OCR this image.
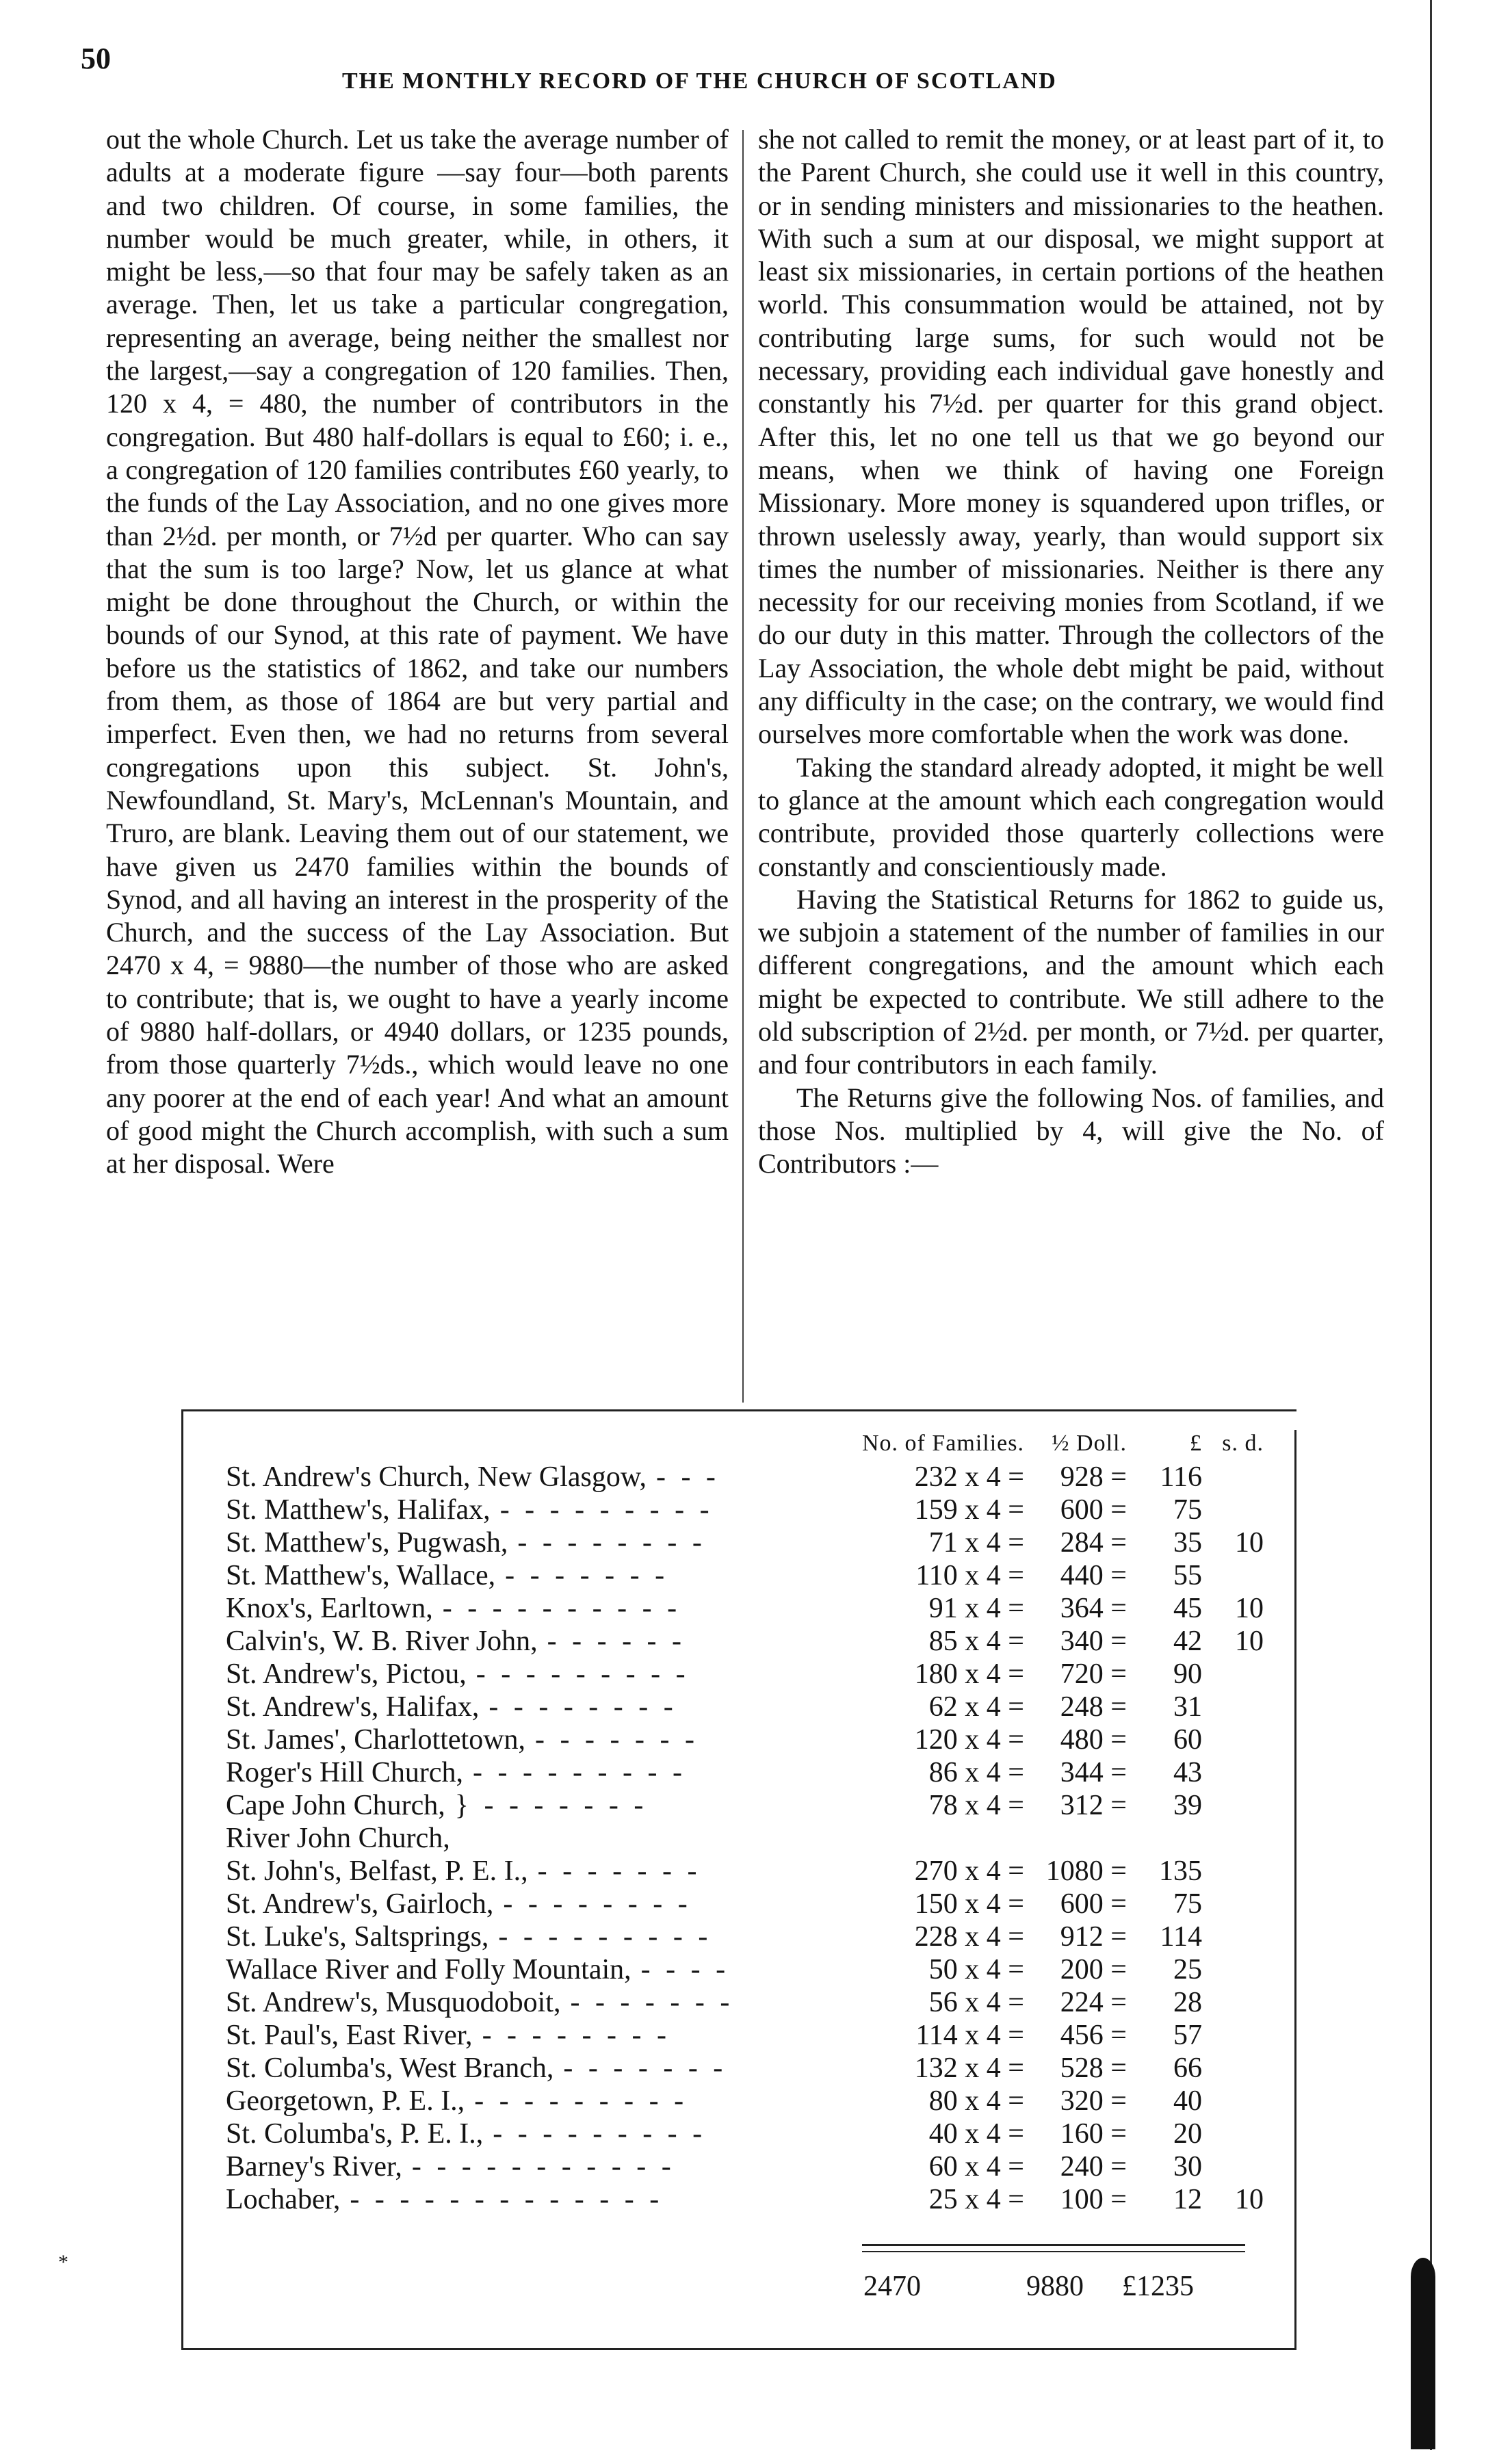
50
THE MONTHLY RECORD OF THE CHURCH OF SCOTLAND

out the whole Church. Let us take the average number of adults at a moderate figure —say four—both parents and two children. Of course, in some families, the number would be much greater, while, in others, it might be less,—so that four may be safely taken as an average. Then, let us take a particular congregation, representing an average, being neither the smallest nor the largest,—say a congregation of 120 families. Then, 120 x 4, = 480, the number of contributors in the congregation. But 480 half-dollars is equal to £60; i. e., a congregation of 120 families contributes £60 yearly, to the funds of the Lay Association, and no one gives more than 2½d. per month, or 7½d per quarter. Who can say that the sum is too large? Now, let us glance at what might be done throughout the Church, or within the bounds of our Synod, at this rate of payment. We have before us the statistics of 1862, and take our numbers from them, as those of 1864 are but very partial and imperfect. Even then, we had no returns from several congregations upon this subject. St. John's, Newfoundland, St. Mary's, McLennan's Mountain, and Truro, are blank. Leaving them out of our statement, we have given us 2470 families within the bounds of Synod, and all having an interest in the prosperity of the Church, and the success of the Lay Association. But 2470 x 4, = 9880—the number of those who are asked to contribute; that is, we ought to have a yearly income of 9880 half-dollars, or 4940 dollars, or 1235 pounds, from those quarterly 7½ds., which would leave no one any poorer at the end of each year! And what an amount of good might the Church accomplish, with such a sum at her disposal. Were

she not called to remit the money, or at least part of it, to the Parent Church, she could use it well in this country, or in sending ministers and missionaries to the heathen. With such a sum at our disposal, we might support at least six missionaries, in certain portions of the heathen world. This consummation would be attained, not by contributing large sums, for such would not be necessary, providing each individual gave honestly and constantly his 7½d. per quarter for this grand object. After this, let no one tell us that we go beyond our means, when we think of having one Foreign Missionary. More money is squandered upon trifles, or thrown uselessly away, yearly, than would support six times the number of missionaries. Neither is there any necessity for our receiving monies from Scotland, if we do our duty in this matter. Through the collectors of the Lay Association, the whole debt might be paid, without any difficulty in the case; on the contrary, we would find ourselves more comfortable when the work was done.

Taking the standard already adopted, it might be well to glance at the amount which each congregation would contribute, provided those quarterly collections were constantly and conscientiously made.

Having the Statistical Returns for 1862 to guide us, we subjoin a statement of the number of families in our different congregations, and the amount which each might be expected to contribute. We still adhere to the old subscription of 2½d. per month, or 7½d. per quarter, and four contributors in each family.

The Returns give the following Nos. of families, and those Nos. multiplied by 4, will give the No. of Contributors :—

	No. of Families.	½ Doll.	£	s. d.
St. Andrew's Church, New Glasgow, - - -	232 x 4 =	928 =	116	
St. Matthew's, Halifax, - - - - - - - - -	159 x 4 =	600 =	75	
St. Matthew's, Pugwash, - - - - - - - -	71 x 4 =	284 =	35	10
St. Matthew's, Wallace, - - - - - - -	110 x 4 =	440 =	55	
Knox's, Earltown, - - - - - - - - - -	91 x 4 =	364 =	45	10
Calvin's, W. B. River John, - - - - - -	85 x 4 =	340 =	42	10
St. Andrew's, Pictou, - - - - - - - - -	180 x 4 =	720 =	90	
St. Andrew's, Halifax, - - - - - - - -	62 x 4 =	248 =	31	
St. James', Charlottetown, - - - - - - -	120 x 4 =	480 =	60	
Roger's Hill Church, - - - - - - - - -	86 x 4 =	344 =	43	
Cape John Church, } - - - - - - -	78 x 4 =	312 =	39	
River John Church,				
St. John's, Belfast, P. E. I., - - - - - - -	270 x 4 =	1080 =	135	
St. Andrew's, Gairloch, - - - - - - - -	150 x 4 =	600 =	75	
St. Luke's, Saltsprings, - - - - - - - - -	228 x 4 =	912 =	114	
Wallace River and Folly Mountain, - - - -	50 x 4 =	200 =	25	
St. Andrew's, Musquodoboit, - - - - - - -	56 x 4 =	224 =	28	
St. Paul's, East River, - - - - - - - -	114 x 4 =	456 =	57	
St. Columba's, West Branch, - - - - - - -	132 x 4 =	528 =	66	
Georgetown, P. E. I., - - - - - - - - -	80 x 4 =	320 =	40	
St. Columba's, P. E. I., - - - - - - - - -	40 x 4 =	160 =	20	
Barney's River, - - - - - - - - - - -	60 x 4 =	240 =	30	
Lochaber, - - - - - - - - - - - - -	25 x 4 =	100 =	12	10
2470	9880 £1235
*
